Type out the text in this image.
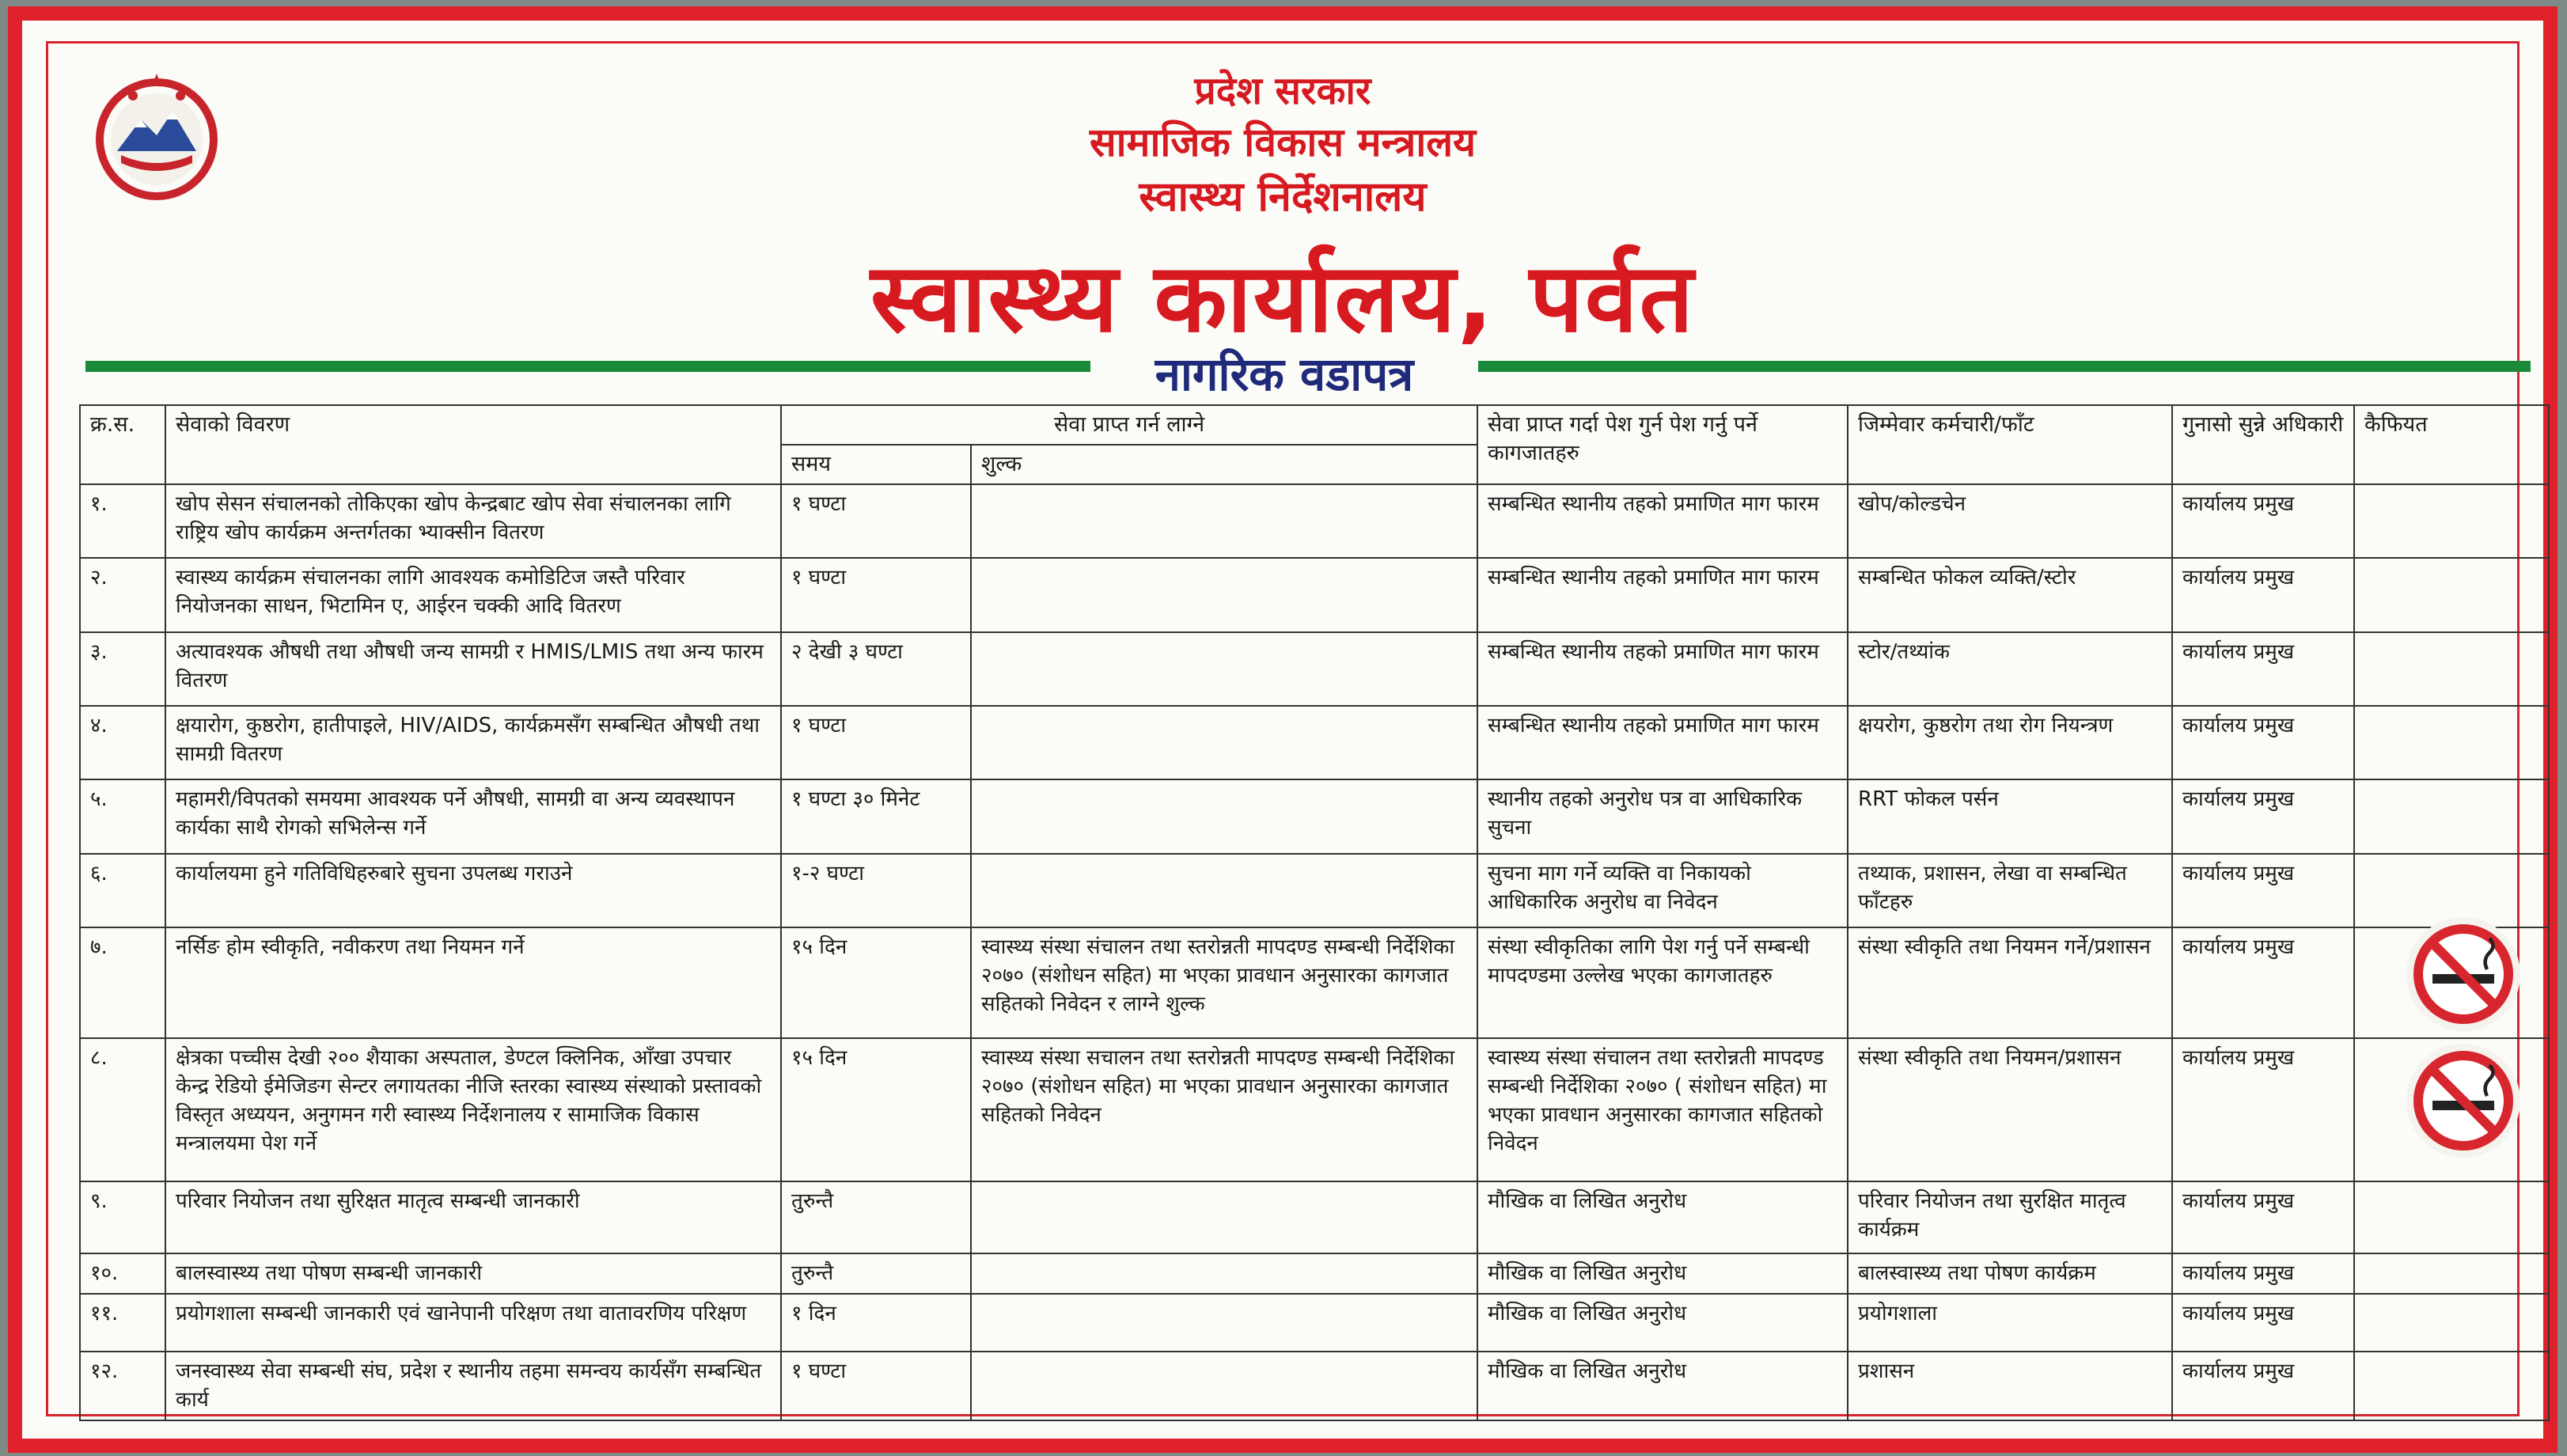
प्रदेश सरकार
सामाजिक विकास मन्त्रालय
स्वास्थ्य निर्देशनालय
स्वास्थ्य कार्यालय, पर्वत
नागरिक वडापत्र
क्र.स.	सेवाको विवरण	सेवा प्राप्त गर्न लाग्ने		सेवा प्राप्त गर्दा पेश गुर्न पेश गर्नु पर्ने कागजातहरु	जिम्मेवार कर्मचारी/फाँट	गुनासो सुन्ने अधिकारी	कैफियत
		समय	शुल्क				
१.	खोप सेसन संचालनको तोकिएका खोप केन्द्रबाट खोप सेवा संचालनका लागि राष्ट्रिय खोप कार्यक्रम अन्तर्गतका भ्याक्सीन वितरण	१ घण्टा		सम्बन्धित स्थानीय तहको प्रमाणित माग फारम	खोप/कोल्डचेन	कार्यालय प्रमुख	
२.	स्वास्थ्य कार्यक्रम संचालनका लागि आवश्यक कमोडिटिज जस्तै परिवार नियोजनका साधन, भिटामिन ए, आईरन चक्की आदि वितरण	१ घण्टा		सम्बन्धित स्थानीय तहको प्रमाणित माग फारम	सम्बन्धित फोकल व्यक्ति/स्टोर	कार्यालय प्रमुख	
३.	अत्यावश्यक औषधी तथा औषधी जन्य सामग्री र HMIS/LMIS तथा अन्य फारम वितरण	२ देखी ३ घण्टा		सम्बन्धित स्थानीय तहको प्रमाणित माग फारम	स्टोर/तथ्यांक	कार्यालय प्रमुख	
४.	क्षयारोग, कुष्ठरोग, हातीपाइले, HIV/AIDS, कार्यक्रमसँग सम्बन्धित औषधी तथा सामग्री वितरण	१ घण्टा		सम्बन्धित स्थानीय तहको प्रमाणित माग फारम	क्षयरोग, कुष्ठरोग तथा रोग नियन्त्रण	कार्यालय प्रमुख	
५.	महामरी/विपतको समयमा आवश्यक पर्ने औषधी, सामग्री वा अन्य व्यवस्थापन कार्यका साथै रोगको सभिलेन्स गर्ने	१ घण्टा ३० मिनेट		स्थानीय तहको अनुरोध पत्र वा आधिकारिक सुचना	RRT फोकल पर्सन	कार्यालय प्रमुख	
६.	कार्यालयमा हुने गतिविधिहरुबारे सुचना उपलब्ध गराउने	१-२ घण्टा		सुचना माग गर्ने व्यक्ति वा निकायको आधिकारिक अनुरोध वा निवेदन	तथ्याक, प्रशासन, लेखा वा सम्बन्धित फाँटहरु	कार्यालय प्रमुख	
७.	नर्सिङ होम स्वीकृति, नवीकरण तथा नियमन गर्ने	१५ दिन	स्वास्थ्य संस्था संचालन तथा स्तरोन्नती मापदण्ड सम्बन्धी निर्देशिका २०७० (संशोधन सहित) मा भएका प्रावधान अनुसारका कागजात सहितको निवेदन र लाग्ने शुल्क	संस्था स्वीकृतिका लागि पेश गर्नु पर्ने सम्बन्धी मापदण्डमा उल्लेख भएका कागजातहरु	संस्था स्वीकृति तथा नियमन गर्ने/प्रशासन	कार्यालय प्रमुख	
८.	क्षेत्रका पच्चीस देखी २०० शैयाका अस्पताल, डेण्टल क्लिनिक, आँखा उपचार केन्द्र रेडियो ईमेजिङग सेन्टर लगायतका नीजि स्तरका स्वास्थ्य संस्थाको प्रस्तावको विस्तृत अध्ययन, अनुगमन गरी स्वास्थ्य निर्देशनालय र सामाजिक विकास मन्त्रालयमा पेश गर्ने	१५ दिन	स्वास्थ्य संस्था सचालन तथा स्तरोन्नती मापदण्ड सम्बन्धी निर्देशिका २०७० (संशोधन सहित) मा भएका प्रावधान अनुसारका कागजात सहितको निवेदन	स्वास्थ्य संस्था संचालन तथा स्तरोन्नती मापदण्ड सम्बन्धी निर्देशिका २०७० ( संशोधन सहित) मा भएका प्रावधान अनुसारका कागजात सहितको निवेदन	संस्था स्वीकृति तथा नियमन/प्रशासन	कार्यालय प्रमुख	
९.	परिवार नियोजन तथा सुरिक्षत मातृत्व सम्बन्धी जानकारी	तुरुन्तै		मौखिक वा लिखित अनुरोध	परिवार नियोजन तथा सुरक्षित मातृत्व कार्यक्रम	कार्यालय प्रमुख	
१०.	बालस्वास्थ्य तथा पोषण सम्बन्धी जानकारी	तुरुन्तै		मौखिक वा लिखित अनुरोध	बालस्वास्थ्य तथा पोषण कार्यक्रम	कार्यालय प्रमुख	
११.	प्रयोगशाला सम्बन्धी जानकारी एवं खानेपानी परिक्षण तथा वातावरणिय परिक्षण	१ दिन		मौखिक वा लिखित अनुरोध	प्रयोगशाला	कार्यालय प्रमुख	
१२.	जनस्वास्थ्य सेवा सम्बन्धी संघ, प्रदेश र स्थानीय तहमा समन्वय कार्यसँग सम्बन्धित कार्य	१ घण्टा		मौखिक वा लिखित अनुरोध	प्रशासन	कार्यालय प्रमुख	
